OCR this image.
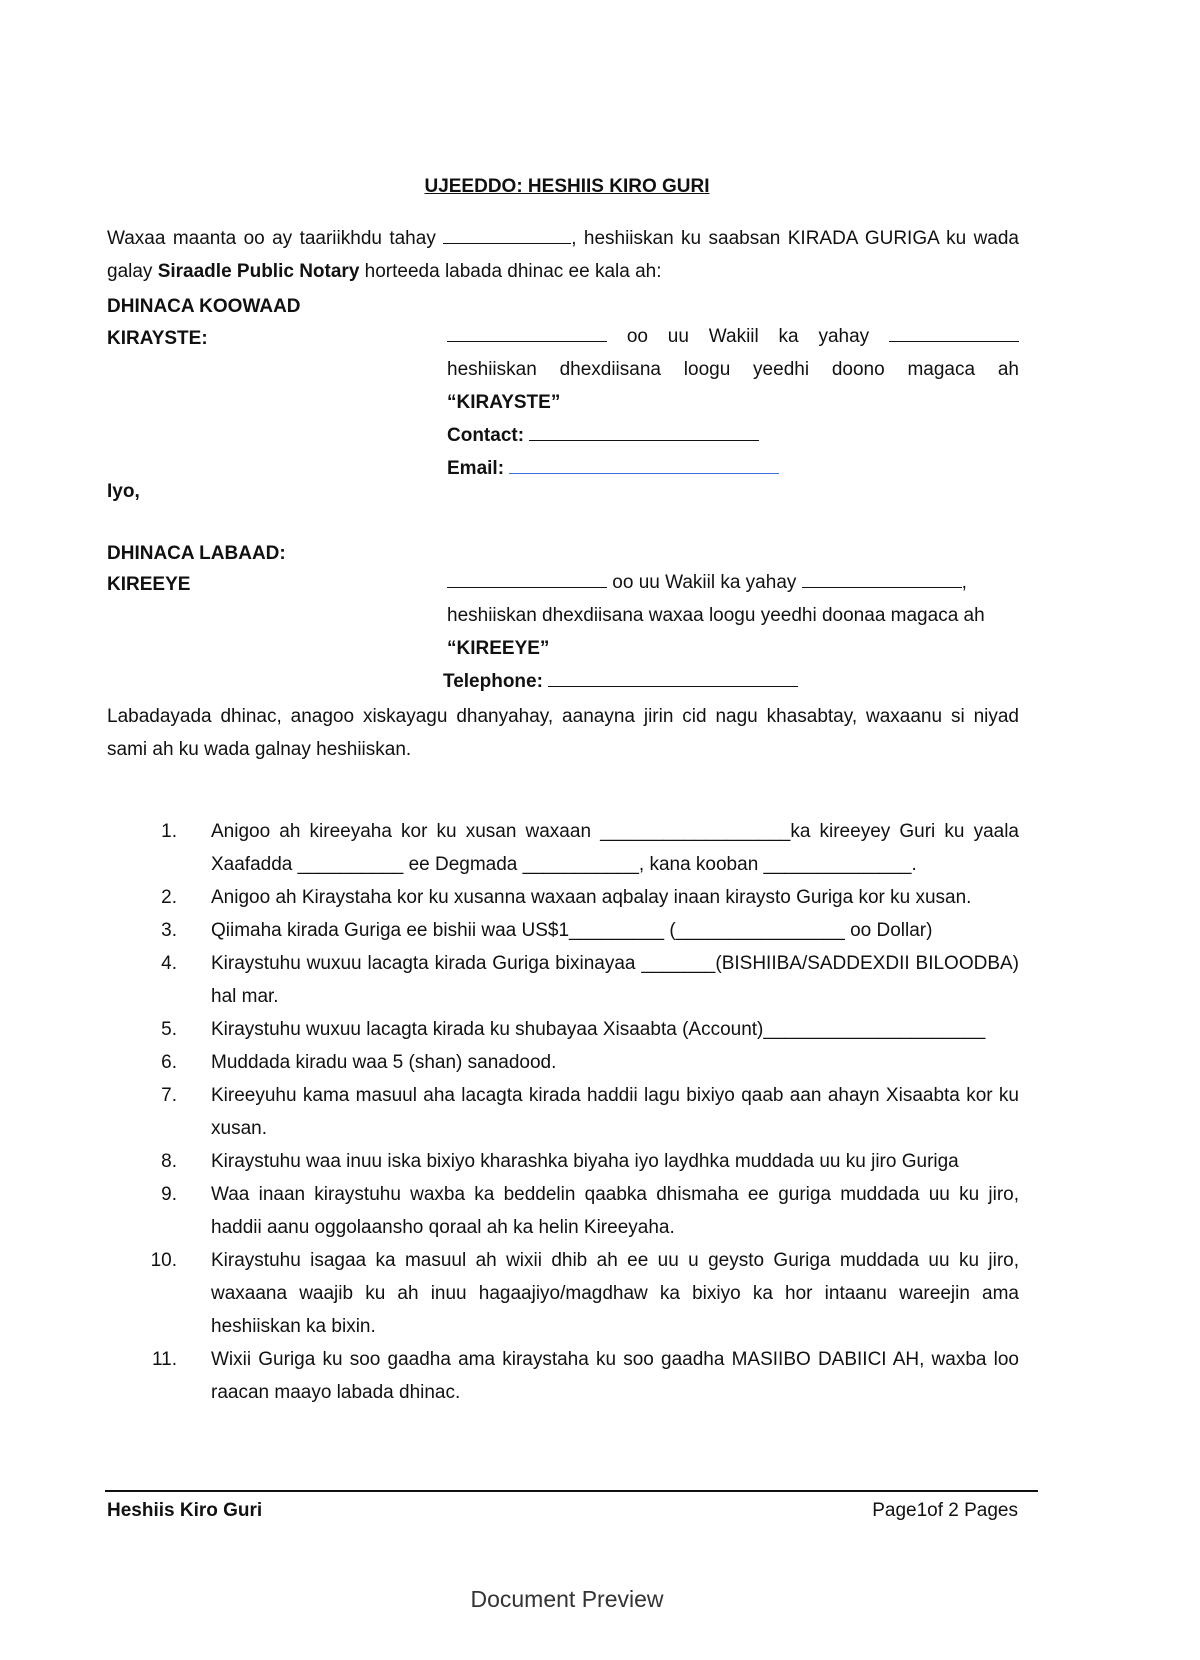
UJEEDDO: HESHIIS KIRO GURI
Waxaa maanta oo ay taariikhdu tahay	, heshiiskan ku saabsan KIRADA GURIGA ku wada galay Siraadle Public Notary horteeda labada dhinac ee kala ah:
DHINACA KOOWAAD
KIRAYSTE:	oo uu Wakiil ka yahay
heshiiskan dhexdiisana loogu yeedhi doono magaca ah
“KIRAYSTE”
Contact:
Email:
Iyo,
DHINACA LABAAD:
KIREEYE	oo uu Wakiil ka yahay	,
heshiiskan dhexdiisana waxaa loogu yeedhi doonaa magaca ah
“KIREEYE”
Telephone:
Labadayada dhinac, anagoo xiskayagu dhanyahay, aanayna jirin cid nagu khasabtay, waxaanu si niyad sami ah ku wada galnay heshiiskan.
1. Anigoo ah kireeyaha kor ku xusan waxaan __________________ka kireeyey Guri ku yaala Xaafadda __________ ee Degmada ___________, kana kooban ______________.
2. Anigoo ah Kiraystaha kor ku xusanna waxaan aqbalay inaan kiraysto Guriga kor ku xusan.
3. Qiimaha kirada Guriga ee bishii waa US$1_________ (________________ oo Dollar)
4. Kiraystuhu wuxuu lacagta kirada Guriga bixinayaa _______(BISHIIBA/SADDEXDII BILOODBA) hal mar.
5. Kiraystuhu wuxuu lacagta kirada ku shubayaa Xisaabta (Account)_____________________
6. Muddada kiradu waa 5 (shan) sanadood.
7. Kireeyuhu kama masuul aha lacagta kirada haddii lagu bixiyo qaab aan ahayn Xisaabta kor ku xusan.
8. Kiraystuhu waa inuu iska bixiyo kharashka biyaha iyo laydhka muddada uu ku jiro Guriga
9. Waa inaan kiraystuhu waxba ka beddelin qaabka dhismaha ee guriga muddada uu ku jiro, haddii aanu oggolaansho qoraal ah ka helin Kireeyaha.
10. Kiraystuhu isagaa ka masuul ah wixii dhib ah ee uu u geysto Guriga muddada uu ku jiro, waxaana waajib ku ah inuu hagaajiyo/magdhaw ka bixiyo ka hor intaanu wareejin ama heshiiskan ka bixin.
11. Wixii Guriga ku soo gaadha ama kiraystaha ku soo gaadha MASIIBO DABIICI AH, waxba loo raacan maayo labada dhinac.
Heshiis Kiro Guri	Page1of 2 Pages
Document Preview
